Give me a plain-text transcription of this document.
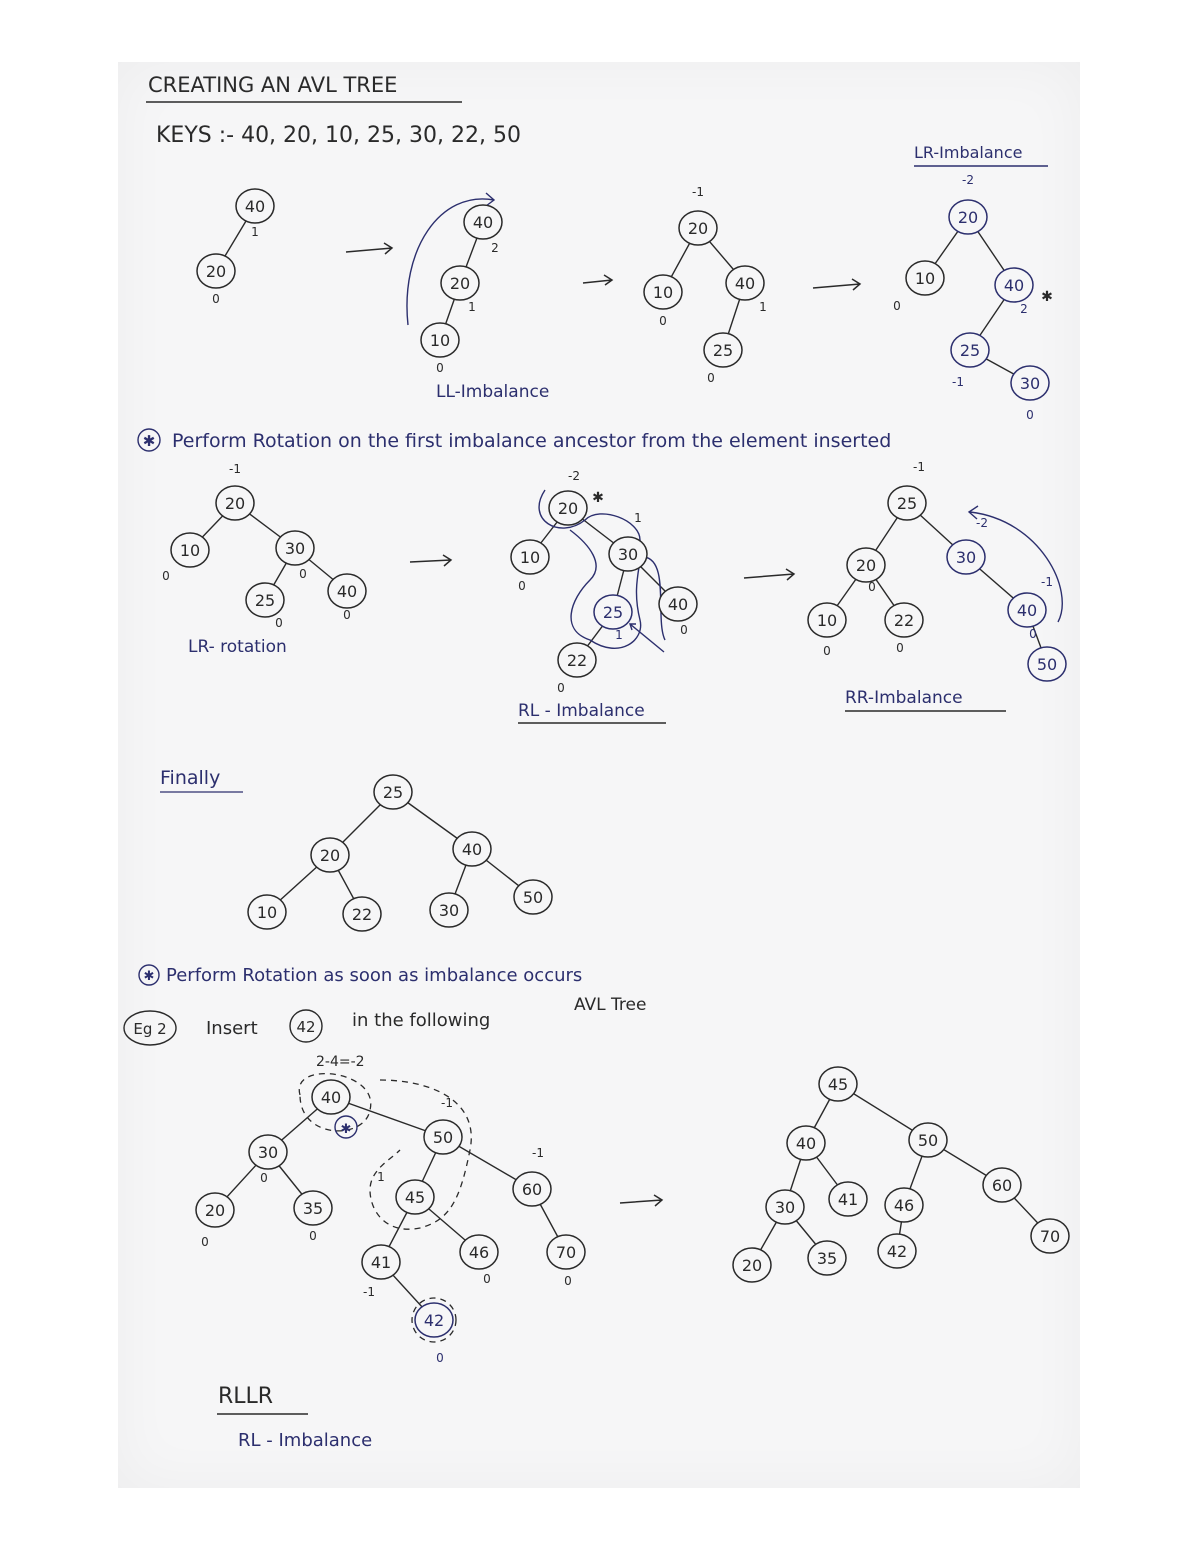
CREATING AN AVL TREE
KEYS :- 40, 20, 10, 25, 30, 22, 50
40
1
20
0
40
2
20
1
10
0
20
-1
10
0
40
1
25
0
20
-2
10
0
40
2
25
-1	30
0
20
-1
10
0
30
0
25
0
40
0
20
-2
10
0
30
1
25
1
40
0
22
0
25
-1
20
0
30
-2
10
0
22
0
40
-1
50
0
25
20	40
10	22	30
50
40
30
0
50
-1
20
0
35
0
45
1
60
-1
41
-1
46
0
70
0
42
0
45
40	50
30	41 46
60
20	35	42
70
✱
✱
LL-Imbalance
LR-Imbalance
LR- rotation
RL - Imbalance
RR-Imbalance
✱ Perform Rotation on the first imbalance ancestor from the element inserted
Finally
✱ Perform Rotation as soon as imbalance occurs
Eg 2 Insert	42 in the following
AVL Tree
2-4=-2
✱
RLLR
RL - Imbalance
